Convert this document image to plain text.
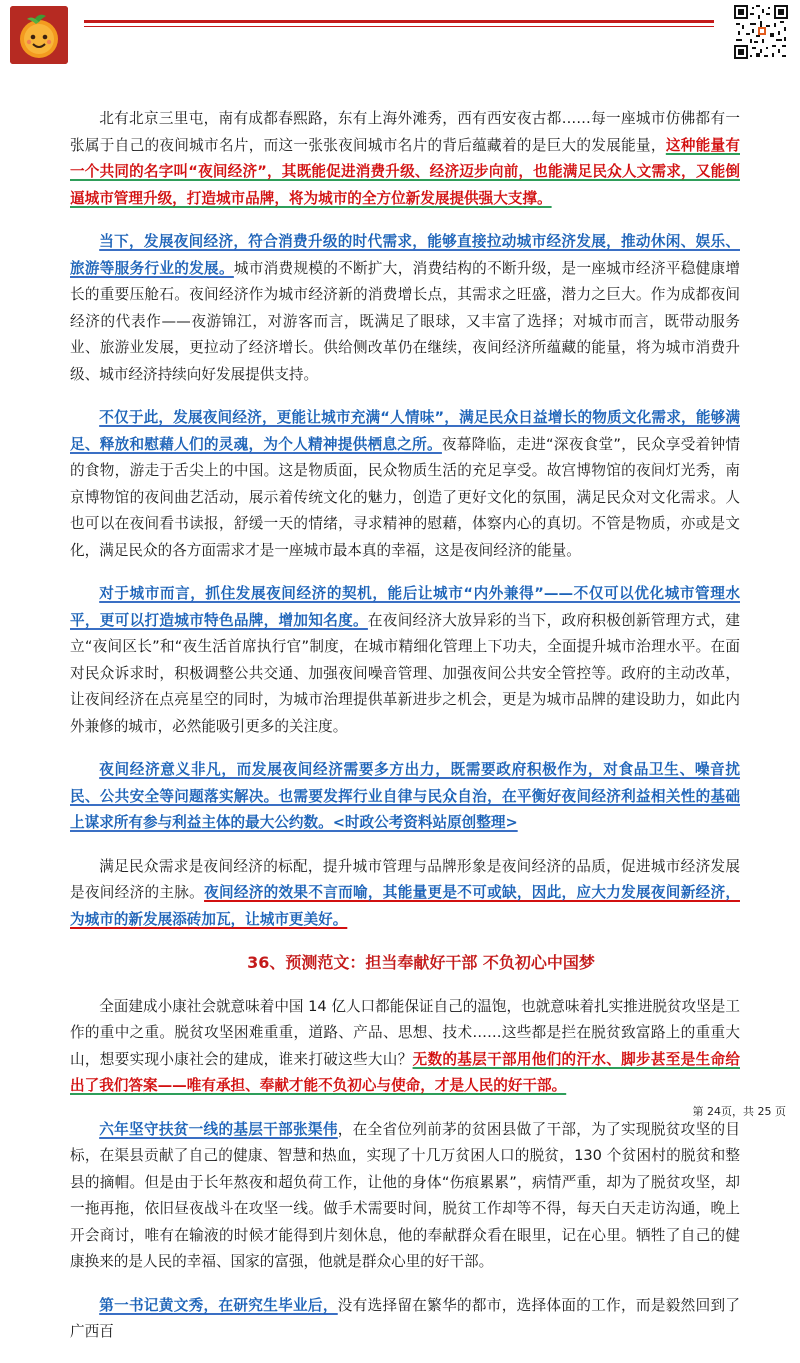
北有北京三里屯，南有成都春熙路，东有上海外滩秀，西有西安夜古都……每一座城市仿佛都有一张属于自己的夜间城市名片，而这一张张夜间城市名片的背后蕴藏着的是巨大的发展能量，这种能量有一个共同的名字叫“夜间经济”，其既能促进消费升级、经济迈步向前，也能满足民众人文需求，又能倒逼城市管理升级，打造城市品牌，将为城市的全方位新发展提供强大支撑。

当下，发展夜间经济，符合消费升级的时代需求，能够直接拉动城市经济发展，推动休闲、娱乐、旅游等服务行业的发展。城市消费规模的不断扩大，消费结构的不断升级，是一座城市经济平稳健康增长的重要压舱石。夜间经济作为城市经济新的消费增长点，其需求之旺盛，潜力之巨大。作为成都夜间经济的代表作——夜游锦江，对游客而言，既满足了眼球，又丰富了选择；对城市而言，既带动服务业、旅游业发展，更拉动了经济增长。供给侧改革仍在继续，夜间经济所蕴藏的能量，将为城市消费升级、城市经济持续向好发展提供支持。

不仅于此，发展夜间经济，更能让城市充满“人情味”，满足民众日益增长的物质文化需求，能够满足、释放和慰藉人们的灵魂，为个人精神提供栖息之所。夜幕降临，走进“深夜食堂”，民众享受着钟情的食物，游走于舌尖上的中国。这是物质面，民众物质生活的充足享受。故宫博物馆的夜间灯光秀，南京博物馆的夜间曲艺活动，展示着传统文化的魅力，创造了更好文化的氛围，满足民众对文化需求。人也可以在夜间看书读报，舒缓一天的情绪，寻求精神的慰藉，体察内心的真切。不管是物质，亦或是文化，满足民众的各方面需求才是一座城市最本真的幸福，这是夜间经济的能量。

对于城市而言，抓住发展夜间经济的契机，能后让城市“内外兼得”——不仅可以优化城市管理水平，更可以打造城市特色品牌，增加知名度。在夜间经济大放异彩的当下，政府积极创新管理方式，建立“夜间区长”和“夜生活首席执行官”制度，在城市精细化管理上下功夫，全面提升城市治理水平。在面对民众诉求时，积极调整公共交通、加强夜间噪音管理、加强夜间公共安全管控等。政府的主动改革，让夜间经济在点亮星空的同时，为城市治理提供革新进步之机会，更是为城市品牌的建设助力，如此内外兼修的城市，必然能吸引更多的关注度。

夜间经济意义非凡，而发展夜间经济需要多方出力，既需要政府积极作为，对食品卫生、噪音扰民、公共安全等问题落实解决。也需要发挥行业自律与民众自治，在平衡好夜间经济利益相关性的基础上谋求所有参与利益主体的最大公约数。<时政公考资料站原创整理>

满足民众需求是夜间经济的标配，提升城市管理与品牌形象是夜间经济的品质，促进城市经济发展是夜间经济的主脉。夜间经济的效果不言而喻，其能量更是不可或缺，因此，应大力发展夜间新经济，为城市的新发展添砖加瓦，让城市更美好。

36、预测范文：担当奉献好干部 不负初心中国梦

全面建成小康社会就意味着中国 14 亿人口都能保证自己的温饱，也就意味着扎实推进脱贫攻坚是工作的重中之重。脱贫攻坚困难重重，道路、产品、思想、技术……这些都是拦在脱贫致富路上的重重大山，想要实现小康社会的建成，谁来打破这些大山？无数的基层干部用他们的汗水、脚步甚至是生命给出了我们答案——唯有承担、奉献才能不负初心与使命，才是人民的好干部。

六年坚守扶贫一线的基层干部张渠伟，在全省位列前茅的贫困县做了干部，为了实现脱贫攻坚的目标，在渠县贡献了自己的健康、智慧和热血，实现了十几万贫困人口的脱贫，130 个贫困村的脱贫和整县的摘帽。但是由于长年熬夜和超负荷工作，让他的身体“伤痕累累”，病情严重，却为了脱贫攻坚，却一拖再拖，依旧昼夜战斗在攻坚一线。做手术需要时间，脱贫工作却等不得，每天白天走访沟通，晚上开会商讨，唯有在输液的时候才能得到片刻休息，他的奉献群众看在眼里，记在心里。牺牲了自己的健康换来的是人民的幸福、国家的富强，他就是群众心里的好干部。

第一书记黄文秀，在研究生毕业后，没有选择留在繁华的都市，选择体面的工作，而是毅然回到了广西百

第 24页，共 25 页
